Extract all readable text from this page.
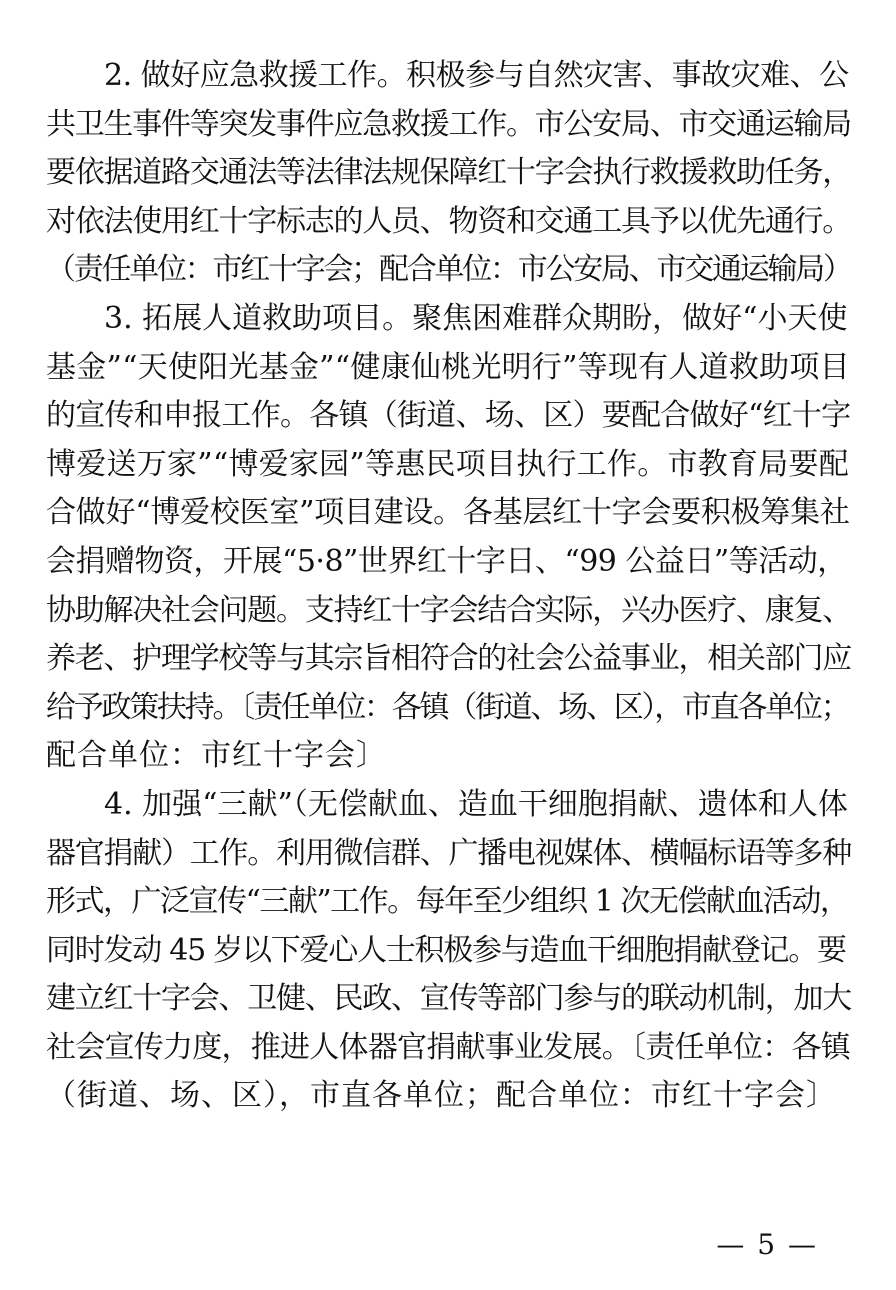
2. 做好应急救援工作。积极参与自然灾害、事故灾难、公
共卫生事件等突发事件应急救援工作。市公安局、市交通运输局
要依据道路交通法等法律法规保障红十字会执行救援救助任务，
对依法使用红十字标志的人员、物资和交通工具予以优先通行。
（责任单位：市红十字会；配合单位：市公安局、市交通运输局）
3. 拓展人道救助项目。聚焦困难群众期盼，做好“小天使
基金”“天使阳光基金”“健康仙桃光明行”等现有人道救助项目
的宣传和申报工作。各镇（街道、场、区）要配合做好“红十字
博爱送万家”“博爱家园”等惠民项目执行工作。市教育局要配
合做好“博爱校医室”项目建设。各基层红十字会要积极筹集社
会捐赠物资，开展“5·8”世界红十字日、“99 公益日”等活动，
协助解决社会问题。支持红十字会结合实际，兴办医疗、康复、
养老、护理学校等与其宗旨相符合的社会公益事业，相关部门应
给予政策扶持。〔责任单位：各镇（街道、场、区），市直各单位；
配合单位：市红十字会〕
4. 加强“三献”（无偿献血、造血干细胞捐献、遗体和人体
器官捐献）工作。利用微信群、广播电视媒体、横幅标语等多种
形式，广泛宣传“三献”工作。每年至少组织 1 次无偿献血活动，
同时发动 45 岁以下爱心人士积极参与造血干细胞捐献登记。要
建立红十字会、卫健、民政、宣传等部门参与的联动机制，加大
社会宣传力度，推进人体器官捐献事业发展。〔责任单位：各镇
（街道、场、区），市直各单位；配合单位：市红十字会〕
— 5 —
